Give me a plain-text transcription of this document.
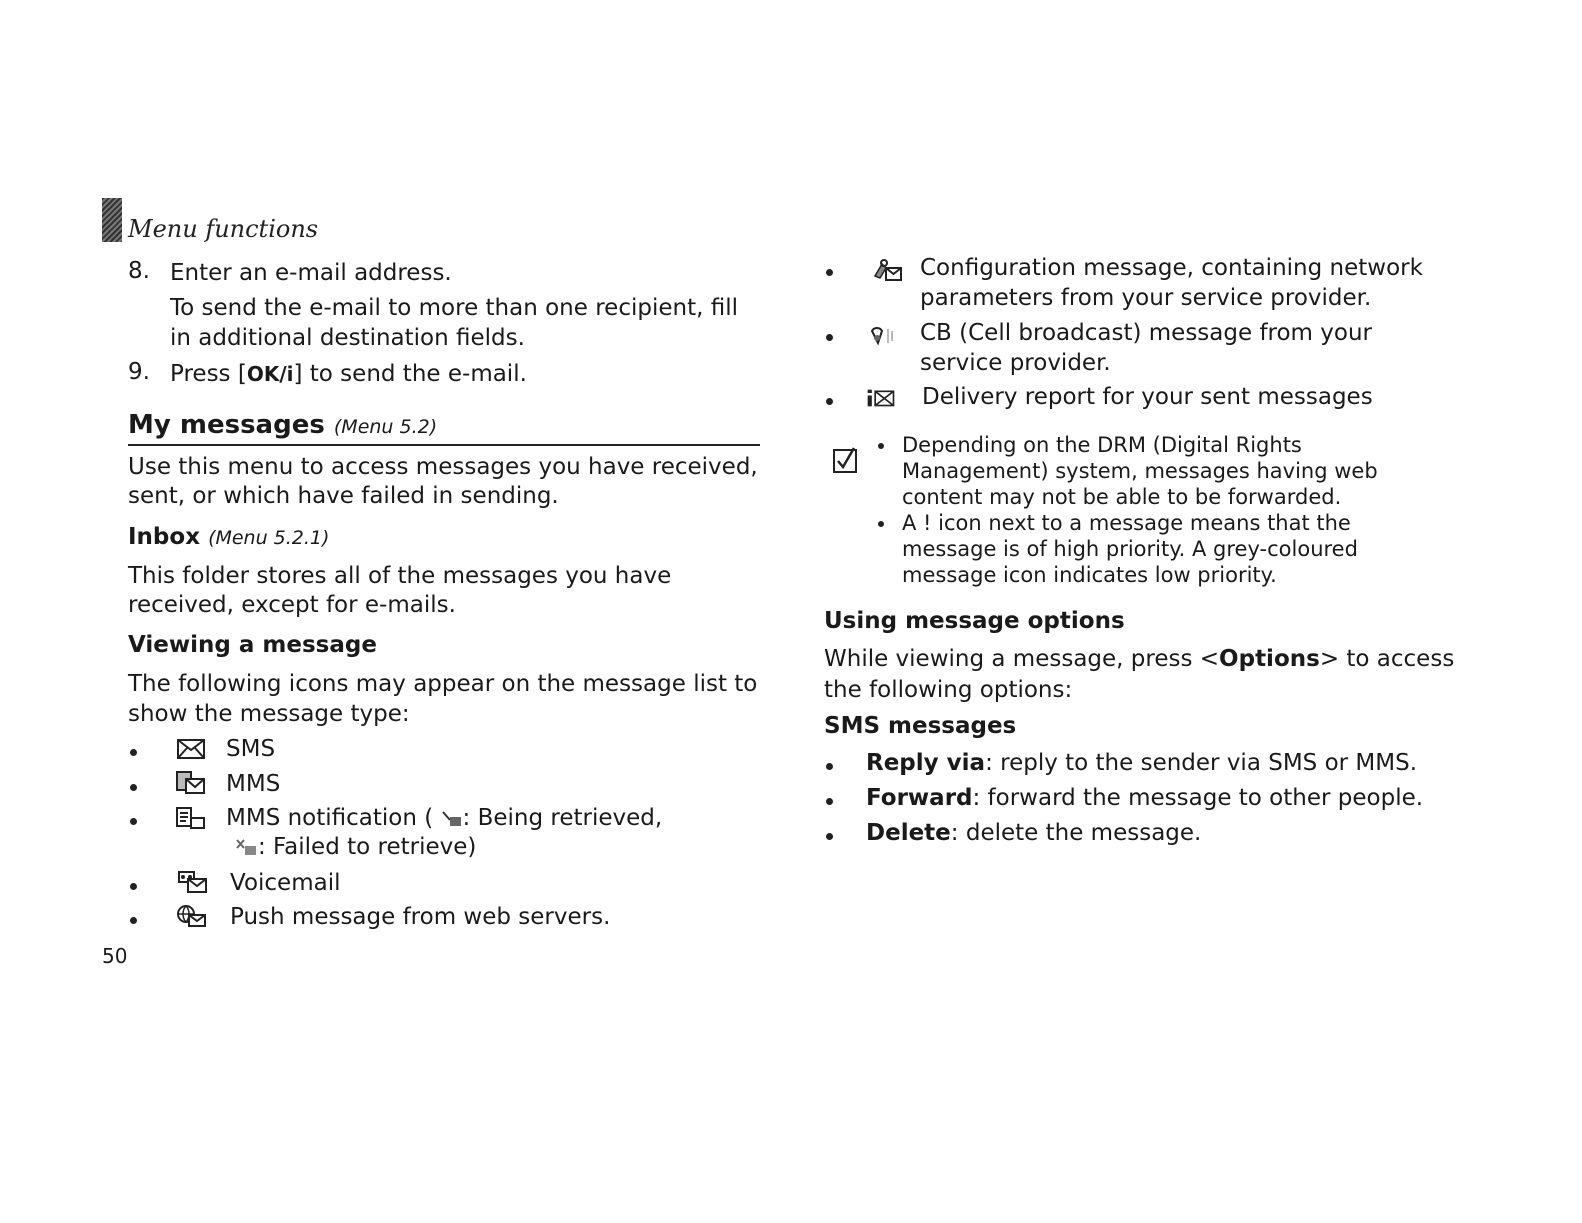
Menu functions
8. Enter an e-mail address.
To send the e-mail to more than one recipient, fill
in additional destination fields.
9. Press [OK/i] to send the e-mail.
My messages (Menu 5.2)
Use this menu to access messages you have received,
sent, or which have failed in sending.
Inbox (Menu 5.2.1)
This folder stores all of the messages you have
received, except for e-mails.
Viewing a message
The following icons may appear on the message list to
show the message type:
SMS
MMS
MMS notification ( : Being retrieved,
: Failed to retrieve)
Voicemail
Push message from web servers.
50
Configuration message, containing network
parameters from your service provider.
CB (Cell broadcast) message from your
service provider.
Delivery report for your sent messages
Depending on the DRM (Digital Rights
Management) system, messages having web
content may not be able to be forwarded.
A ! icon next to a message means that the
message is of high priority. A grey-coloured
message icon indicates low priority.
Using message options
While viewing a message, press <Options> to access
the following options:
SMS messages
Reply via: reply to the sender via SMS or MMS.
Forward: forward the message to other people.
Delete: delete the message.
